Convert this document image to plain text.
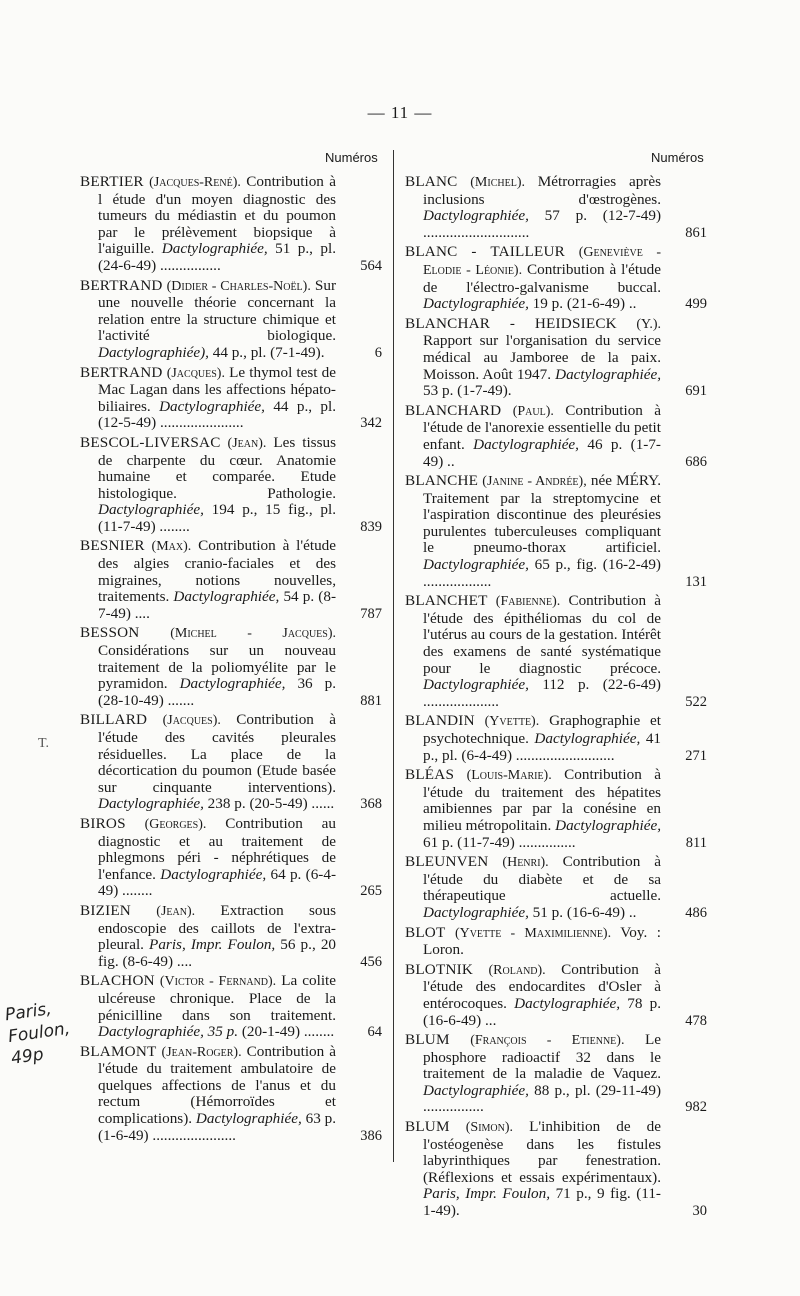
— 11 —
Numéros	Numéros
BERTIER (Jacques-René). Contribution à l étude d'un moyen diagnostic des tumeurs du médiastin et du poumon par le prélèvement biopsique à l'aiguille. Dactylographiée, 51 p., pl. (24-6-49) ................	564
BERTRAND (Didier - Charles-Noël). Sur une nouvelle théorie concernant la relation entre la structure chimique et l'activité biologique. Dactylographiée), 44 p., pl. (7-1-49).	6
BERTRAND (Jacques). Le thymol test de Mac Lagan dans les affections hépato-biliaires. Dactylographiée, 44 p., pl. (12-5-49) ......................	342
BESCOL-LIVERSAC (Jean). Les tissus de charpente du cœur. Anatomie humaine et comparée. Etude histologique. Pathologie. Dactylographiée, 194 p., 15 fig., pl. (11-7-49) ........	839
BESNIER (Max). Contribution à l'étude des algies cranio-faciales et des migraines, notions nouvelles, traitements. Dactylographiée, 54 p. (8-7-49) ....	787
BESSON (Michel - Jacques). Considérations sur un nouveau traitement de la poliomyélite par le pyramidon. Dactylographiée, 36 p. (28-10-49) .......	881
BILLARD (Jacques). Contribution à l'étude des cavités pleurales résiduelles. La place de la décortication du poumon (Etude basée sur cinquante interventions). Dactylographiée, 238 p. (20-5-49) ...... 368
BIROS (Georges). Contribution au diagnostic et au traitement de phlegmons péri - néphrétiques de l'enfance. Dactylographiée, 64 p. (6-4-49) ........	265
BIZIEN (Jean). Extraction sous endoscopie des caillots de l'extra-pleural. Paris, Impr. Foulon, 56 p., 20 fig. (8-6-49) ....	456
BLACHON (Victor - Fernand). La colite ulcéreuse chronique. Place de la pénicilline dans son traitement. Dactylographiée, 35 p. (20-1-49) ........ 64
BLAMONT (Jean-Roger). Contribution à l'étude du traitement ambulatoire de quelques affections de l'anus et du rectum (Hémorroïdes et complications). Dactylographiée, 63 p. (1-6-49) ......................	386
BLANC (Michel). Métrorragies après inclusions d'œstrogènes. Dactylographiée, 57 p. (12-7-49) ............................	861
BLANC - TAILLEUR (Geneviève - Elodie - Léonie). Contribution à l'étude de l'électro-galvanisme buccal. Dactylographiée, 19 p. (21-6-49) ..	499
BLANCHAR - HEIDSIECK (Y.). Rapport sur l'organisation du service médical au Jamboree de la paix. Moisson. Août 1947. Dactylographiée, 53 p. (1-7-49).	691
BLANCHARD (Paul). Contribution à l'étude de l'anorexie essentielle du petit enfant. Dactylographiée, 46 p. (1-7-49) ..	686
BLANCHE (Janine - Andrée), née MÉRY. Traitement par la streptomycine et l'aspiration discontinue des pleurésies purulentes tuberculeuses compliquant le pneumo-thorax artificiel. Dactylographiée, 65 p., fig. (16-2-49) ..................	131
BLANCHET (Fabienne). Contribution à l'étude des épithéliomas du col de l'utérus au cours de la gestation. Intérêt des examens de santé systématique pour le diagnostic précoce. Dactylographiée, 112 p. (22-6-49) ....................	522
BLANDIN (Yvette). Graphographie et psychotechnique. Dactylographiée, 41 p., pl. (6-4-49) ..........................	271
BLÉAS (Louis-Marie). Contribution à l'étude du traitement des hépatites amibiennes par par la conésine en milieu métropolitain. Dactylographiée, 61 p. (11-7-49) ...............	811
BLEUNVEN (Henri). Contribution à l'étude du diabète et de sa thérapeutique actuelle. Dactylographiée, 51 p. (16-6-49) ..	486
BLOT (Yvette - Maximilienne). Voy. : Loron.
BLOTNIK (Roland). Contribution à l'étude des endocardites d'Osler à entérocoques. Dactylographiée, 78 p. (16-6-49) ...	478
BLUM (François - Etienne). Le phosphore radioactif 32 dans le traitement de la maladie de Vaquez. Dactylographiée, 88 p., pl. (29-11-49) ................	982
BLUM (Simon). L'inhibition de de l'ostéogenèse dans les fistules labyrinthiques par fenestration. (Réflexions et essais expérimentaux). Paris, Impr. Foulon, 71 p., 9 fig. (11-1-49).	30
T.
Paris, Foulon, 49p
